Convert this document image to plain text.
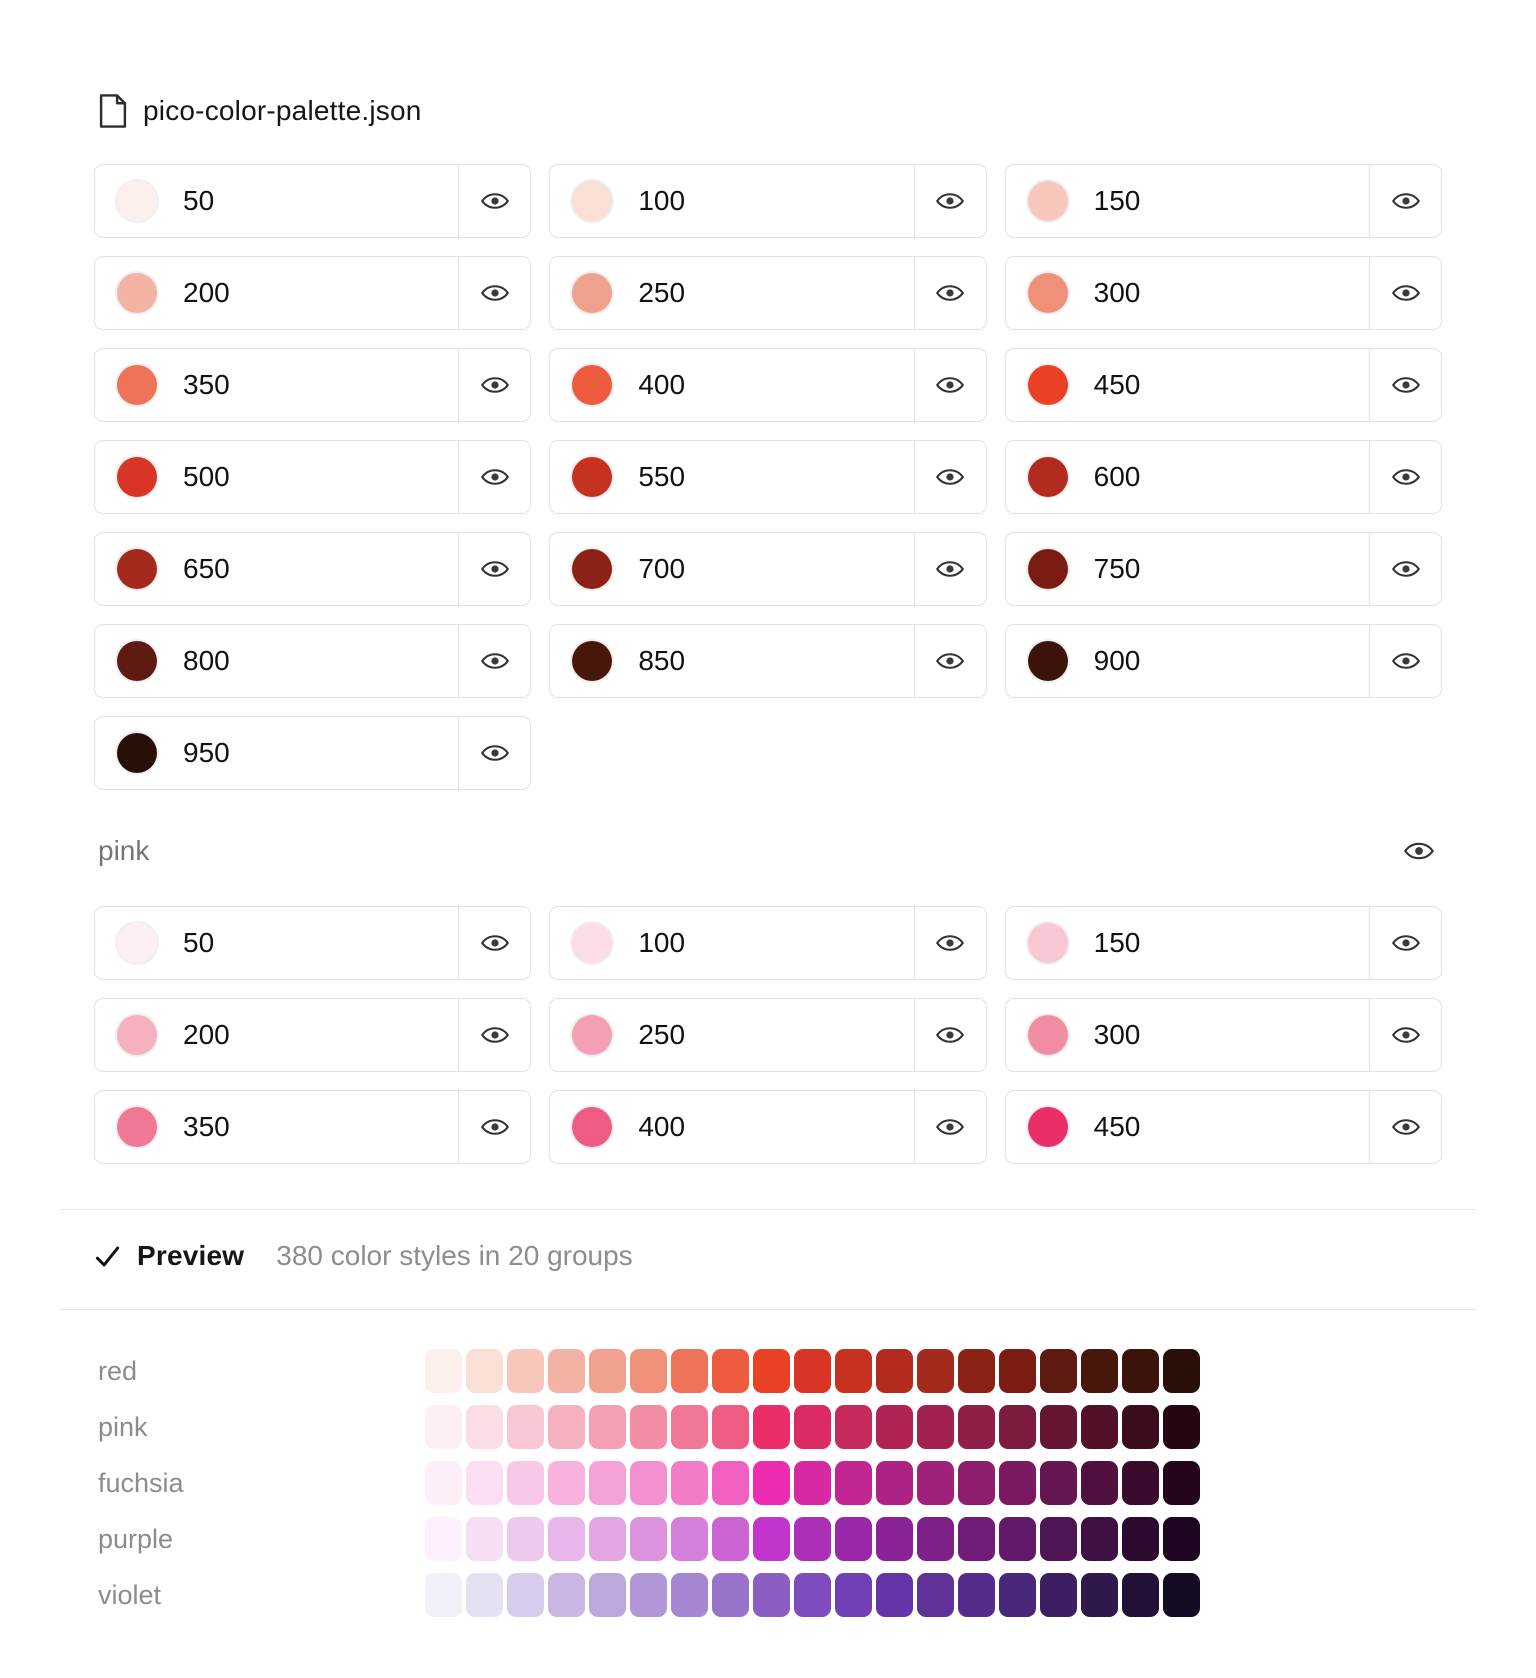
pico-color-palette.json
50	100	150
200	250	300
350	400	450
500	550	600
650	700	750
800	850	900
950
pink
50	100	150
200	250	300
350	400	450
Preview 380 color styles in 20 groups
red
pink
fuchsia
purple
violet
